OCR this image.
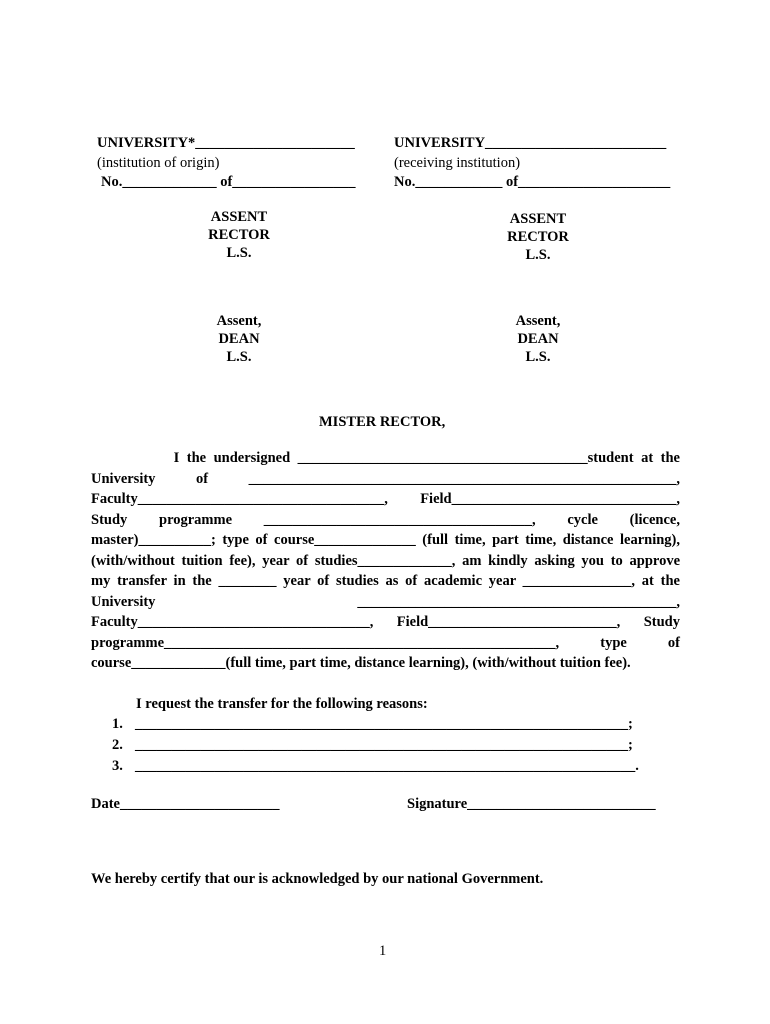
UNIVERSITY*______________________
(institution of origin)
No._____________ of_________________
UNIVERSITY_________________________
(receiving institution)
No.____________ of_____________________
ASSENT
RECTOR
L.S.
Assent,
DEAN
L.S.
ASSENT
RECTOR
L.S.
Assent,
DEAN
L.S.
MISTER RECTOR,
I the undersigned ________________________________________student at the
University of ___________________________________________________________,
Faculty__________________________________, Field_______________________________,
Study programme _____________________________________, cycle (licence,
master)__________; type of course______________ (full time, part time, distance learning),
(with/without tuition fee), year of studies_____________, am kindly asking you to approve
my transfer in the ________ year of studies as of academic year _______________, at the
University ____________________________________________,
Faculty________________________________, Field__________________________, Study
programme______________________________________________________, type of
course_____________(full time, part time, distance learning), (with/without tuition fee).
I request the transfer for the following reasons:
1. ____________________________________________________________________;
2. ____________________________________________________________________;
3. _____________________________________________________________________.
Date______________________	Signature__________________________
We hereby certify that our is acknowledged by our national Government.
1
